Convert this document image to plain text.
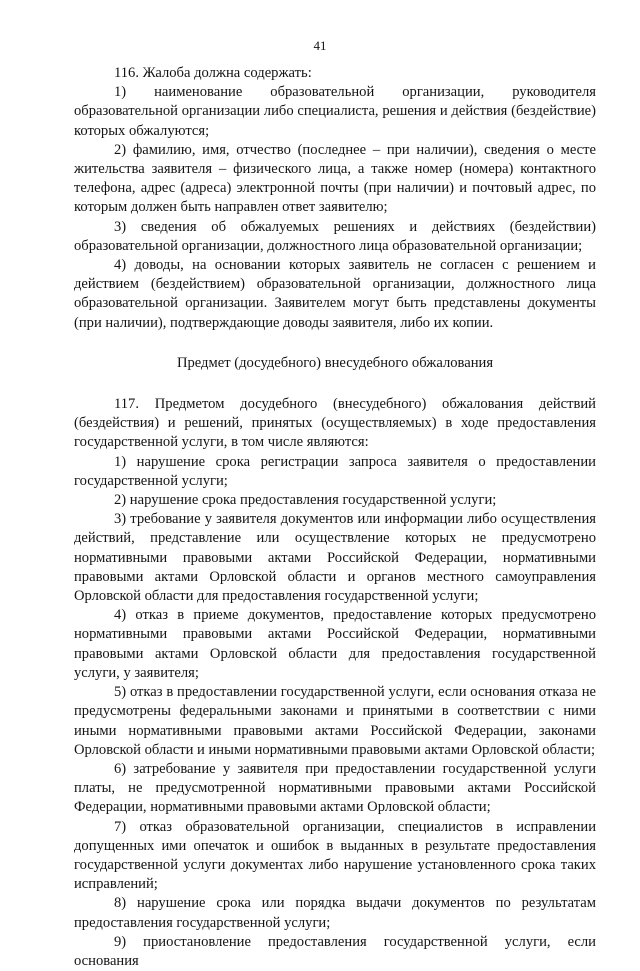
41

116. Жалоба должна содержать:

1) наименование образовательной организации, руководителя образовательной организации либо специалиста, решения и действия (бездействие) которых обжалуются;

2) фамилию, имя, отчество (последнее – при наличии), сведения о месте жительства заявителя – физического лица, а также номер (номера) контактного телефона, адрес (адреса) электронной почты (при наличии) и почтовый адрес, по которым должен быть направлен ответ заявителю;

3) сведения об обжалуемых решениях и действиях (бездействии) образовательной организации, должностного лица образовательной организации;

4) доводы, на основании которых заявитель не согласен с решением и действием (бездействием) образовательной организации, должностного лица образовательной организации. Заявителем могут быть представлены документы (при наличии), подтверждающие доводы заявителя, либо их копии.

Предмет (досудебного) внесудебного обжалования

117. Предметом досудебного (внесудебного) обжалования действий (бездействия) и решений, принятых (осуществляемых) в ходе предоставления государственной услуги, в том числе являются:

1) нарушение срока регистрации запроса заявителя о предоставлении государственной услуги;

2) нарушение срока предоставления государственной услуги;

3) требование у заявителя документов или информации либо осуществления действий, представление или осуществление которых не предусмотрено нормативными правовыми актами Российской Федерации, нормативными правовыми актами Орловской области и органов местного самоуправления Орловской области для предоставления государственной услуги;

4) отказ в приеме документов, предоставление которых предусмотрено нормативными правовыми актами Российской Федерации, нормативными правовыми актами Орловской области для предоставления государственной услуги, у заявителя;

5) отказ в предоставлении государственной услуги, если основания отказа не предусмотрены федеральными законами и принятыми в соответствии с ними иными нормативными правовыми актами Российской Федерации, законами Орловской области и иными нормативными правовыми актами Орловской области;

6) затребование у заявителя при предоставлении государственной услуги платы, не предусмотренной нормативными правовыми актами Российской Федерации, нормативными правовыми актами Орловской области;

7) отказ образовательной организации, специалистов в исправлении допущенных ими опечаток и ошибок в выданных в результате предоставления государственной услуги документах либо нарушение установленного срока таких исправлений;

8) нарушение срока или порядка выдачи документов по результатам предоставления государственной услуги;

9) приостановление предоставления государственной услуги, если основания
